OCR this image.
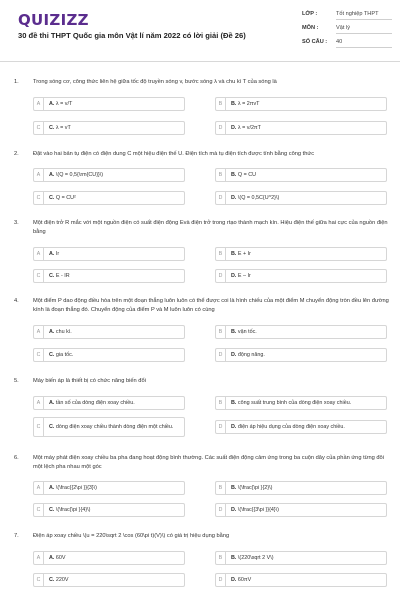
QUIZIZZ
30 đề thi THPT Quốc gia môn Vật lí năm 2022 có lời giải (Đề 26)
LỚP :	Tốt nghiệp THPT
MÔN :	Vật lý
SỐ CÂU :	40
1.	Trong sóng cơ, công thức liên hệ giữa tốc độ truyền sóng v, bước sóng λ và chu kì T của sóng là
A	A. λ = v/T	B	B. λ = 2πvT
C	C. λ = vT	D	D. λ = v/2πT
2.	Đặt vào hai bản tụ điện có điện dung C một hiệu điện thế U. Điện tích mà tụ điện tích được tính bằng công thức
A	A. \(Q = 0,5{\rm{CU}}\)	B	B. Q = CU
C	C. Q = CU²	D	D. \(Q = 0,5C{U^2}\)
3.	Một điện trở R mắc với một nguồn điện có suất điện động Evà điện trở trong rtạo thành mạch kín. Hiệu điện thế giữa hai cực của nguồn điện bằng
A	A. Ir	B	B. E + Ir
C	C. E - IR	D	D. E – Ir
4.	Một điểm P dao động điều hòa trên một đoạn thẳng luôn luôn có thể được coi là hình chiếu của một điểm M chuyển động tròn đều lên đường kính là đoạn thẳng đó. Chuyển động của điểm P và M luôn luôn có cùng
A	A. chu kì.	B	B. vận tốc.
C	C. gia tốc.	D	D. động năng.
5.	Máy biến áp là thiết bị có chức năng biến đổi
A	A. tần số của dòng điện xoay chiều.	B	B. công suất trung bình của dòng điện xoay chiều.
C	C. dòng điện xoay chiều thành dòng điện một chiều.	D	D. điện áp hiệu dụng của dòng điện xoay chiều.
6.	Một máy phát điện xoay chiều ba pha đang hoạt động bình thường. Các suất điện động cảm ứng trong ba cuộn dây của phần ứng từng đôi một lệch pha nhau một góc
A	A. \(\frac{{2\pi }}{3}\)	B	B. \(\frac{\pi }{2}\)
C	C. \(\frac{\pi }{4}\)	D	D. \(\frac{{3\pi }}{4}\)
7.	Điện áp xoay chiều \(u = 220\sqrt 2 \cos (60\pi t)(V)\) có giá trị hiệu dụng bằng
A	A. 60V	B	B. \(220\sqrt 2 V\)
C	C. 220V	D	D. 60πV
